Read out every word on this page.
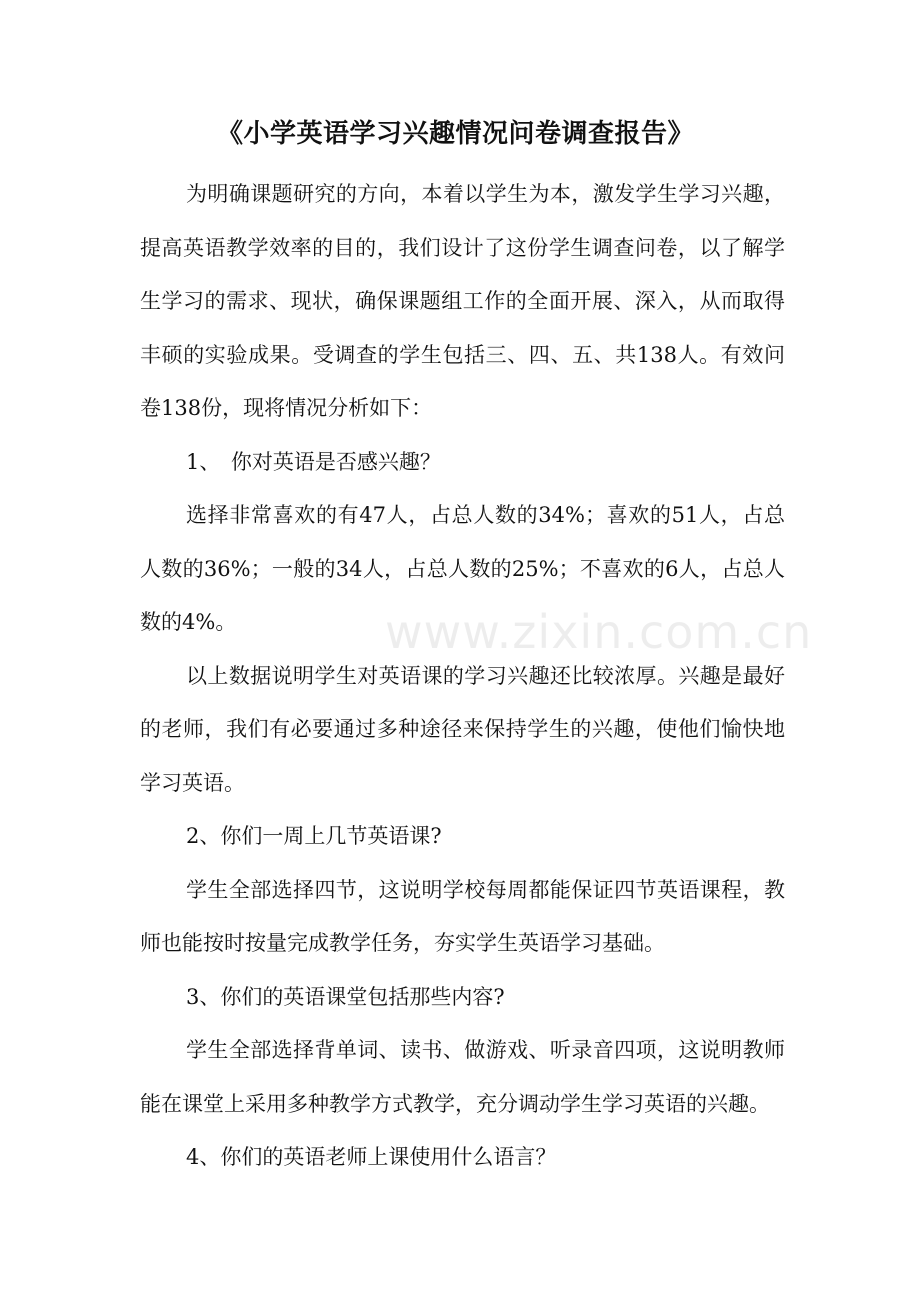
www.zixin.com.cn
《小学英语学习兴趣情况问卷调查报告》

为明确课题研究的方向，本着以学生为本，激发学生学习兴趣，提高英语教学效率的目的，我们设计了这份学生调查问卷，以了解学生学习的需求、现状，确保课题组工作的全面开展、深入，从而取得丰硕的实验成果。受调查的学生包括三、四、五、共138人。有效问卷138份，现将情况分析如下：

1、　你对英语是否感兴趣？

选择非常喜欢的有47人，占总人数的34%；喜欢的51人，占总人数的36%；一般的34人，占总人数的25%；不喜欢的6人，占总人数的4%。

以上数据说明学生对英语课的学习兴趣还比较浓厚。兴趣是最好的老师，我们有必要通过多种途径来保持学生的兴趣，使他们愉快地学习英语。

2、你们一周上几节英语课?

学生全部选择四节，这说明学校每周都能保证四节英语课程，教师也能按时按量完成教学任务，夯实学生英语学习基础。

3、你们的英语课堂包括那些内容?

学生全部选择背单词、读书、做游戏、听录音四项，这说明教师能在课堂上采用多种教学方式教学，充分调动学生学习英语的兴趣。

4、你们的英语老师上课使用什么语言？
